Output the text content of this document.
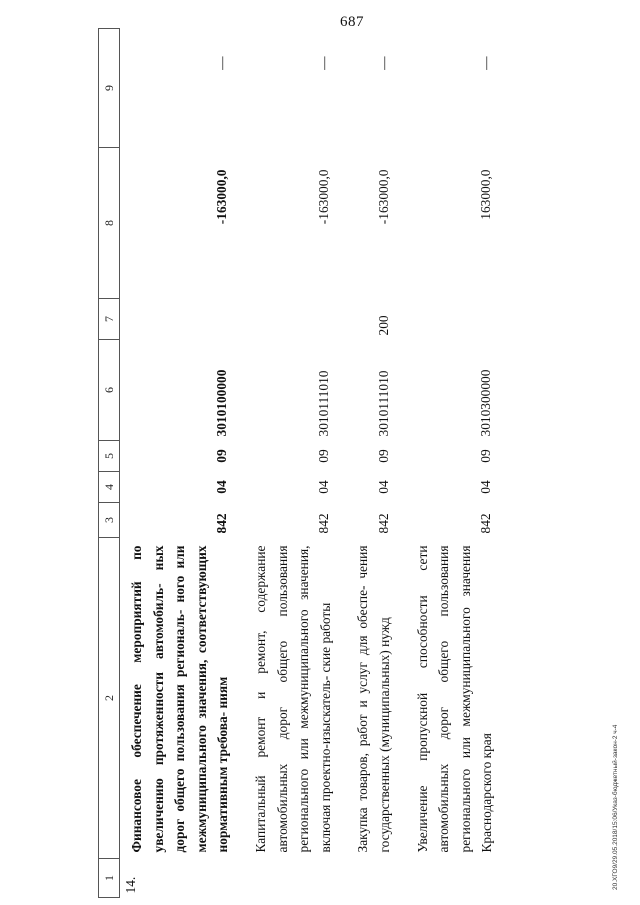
687
1	2	3	4	5	6	7	8	9
14.	Финансовое обеспечение мероприятий по увеличению протяженности автомобиль- ных дорог общего пользования региональ- ного или межмуниципального значения, соответствующих нормативным требова- ниям	842	04	09	3010100000		-163000,0	—

	Капитальный ремонт и ремонт, содержание автомобильных дорог общего пользования регионального или межмуниципального значения, включая проектно-изыскатель- ские работы	842	04	09	3010111010		-163000,0	—

	Закупка товаров, работ и услуг для обеспе- чения государственных (муниципальных) нужд	842	04	09	3010111010	200	-163000,0	—

	Увеличение пропускной способности сети автомобильных дорог общего пользования регионального или межмуниципального значения Краснодарского края	842	04	09	3010300000		163000,0	—
20.ХГО9/29.05.2018/15:06/Указ-бюджетный-закон-2 ч-4
